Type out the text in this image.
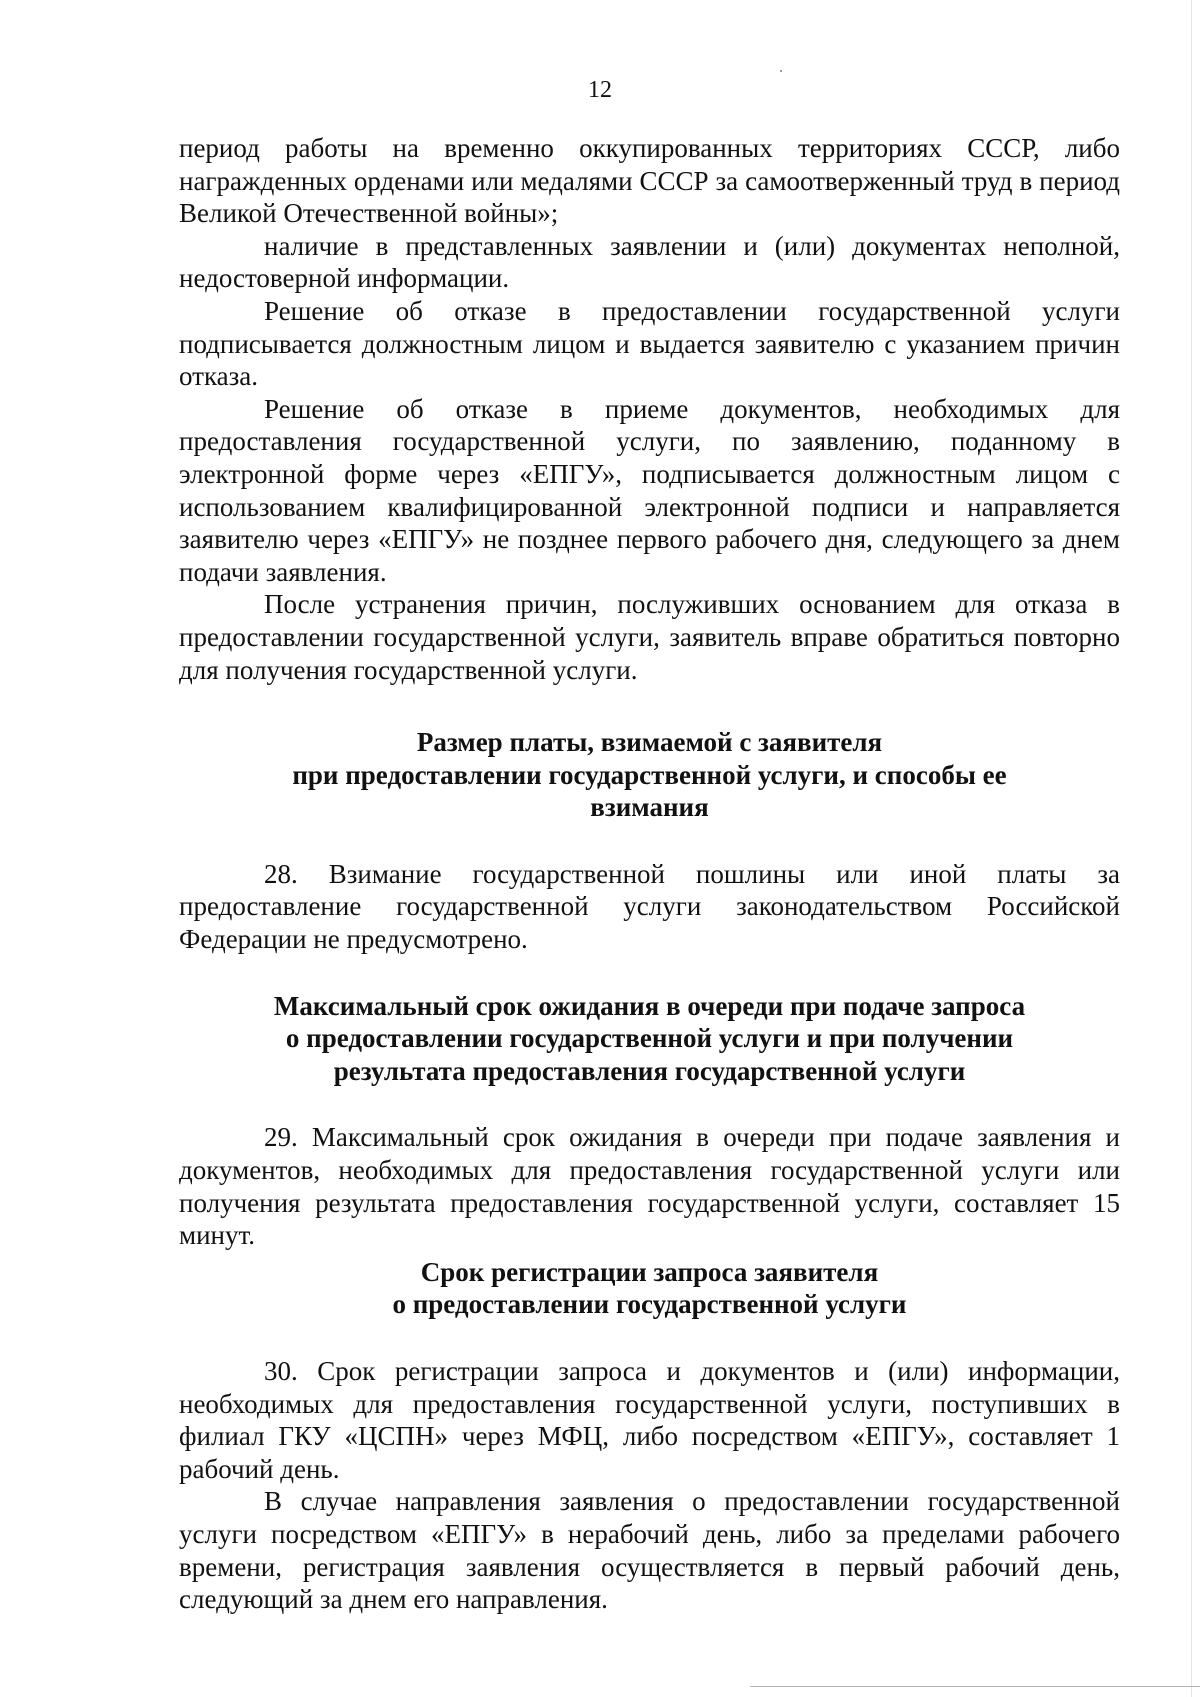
12

период работы на временно оккупированных территориях СССР, либо награжденных орденами или медалями СССР за самоотверженный труд в период Великой Отечественной войны»;

наличие в представленных заявлении и (или) документах неполной, недостоверной информации.

Решение об отказе в предоставлении государственной услуги подписывается должностным лицом и выдается заявителю с указанием причин отказа.

Решение об отказе в приеме документов, необходимых для предоставления государственной услуги, по заявлению, поданному в электронной форме через «ЕПГУ», подписывается должностным лицом с использованием квалифицированной электронной подписи и направляется заявителю через «ЕПГУ» не позднее первого рабочего дня, следующего за днем подачи заявления.

После устранения причин, послуживших основанием для отказа в предоставлении государственной услуги, заявитель вправе обратиться повторно для получения государственной услуги.

Размер платы, взимаемой с заявителя
при предоставлении государственной услуги, и способы ее
взимания

28. Взимание государственной пошлины или иной платы за предоставление государственной услуги законодательством Российской Федерации не предусмотрено.

Максимальный срок ожидания в очереди при подаче запроса
о предоставлении государственной услуги и при получении
результата предоставления государственной услуги

29. Максимальный срок ожидания в очереди при подаче заявления и документов, необходимых для предоставления государственной услуги или получения результата предоставления государственной услуги, составляет 15 минут.

Срок регистрации запроса заявителя
о предоставлении государственной услуги

30. Срок регистрации запроса и документов и (или) информации, необходимых для предоставления государственной услуги, поступивших в филиал ГКУ «ЦСПН» через МФЦ, либо посредством «ЕПГУ», составляет 1 рабочий день.

В случае направления заявления о предоставлении государственной услуги посредством «ЕПГУ» в нерабочий день, либо за пределами рабочего времени, регистрация заявления осуществляется в первый рабочий день, следующий за днем его направления.
